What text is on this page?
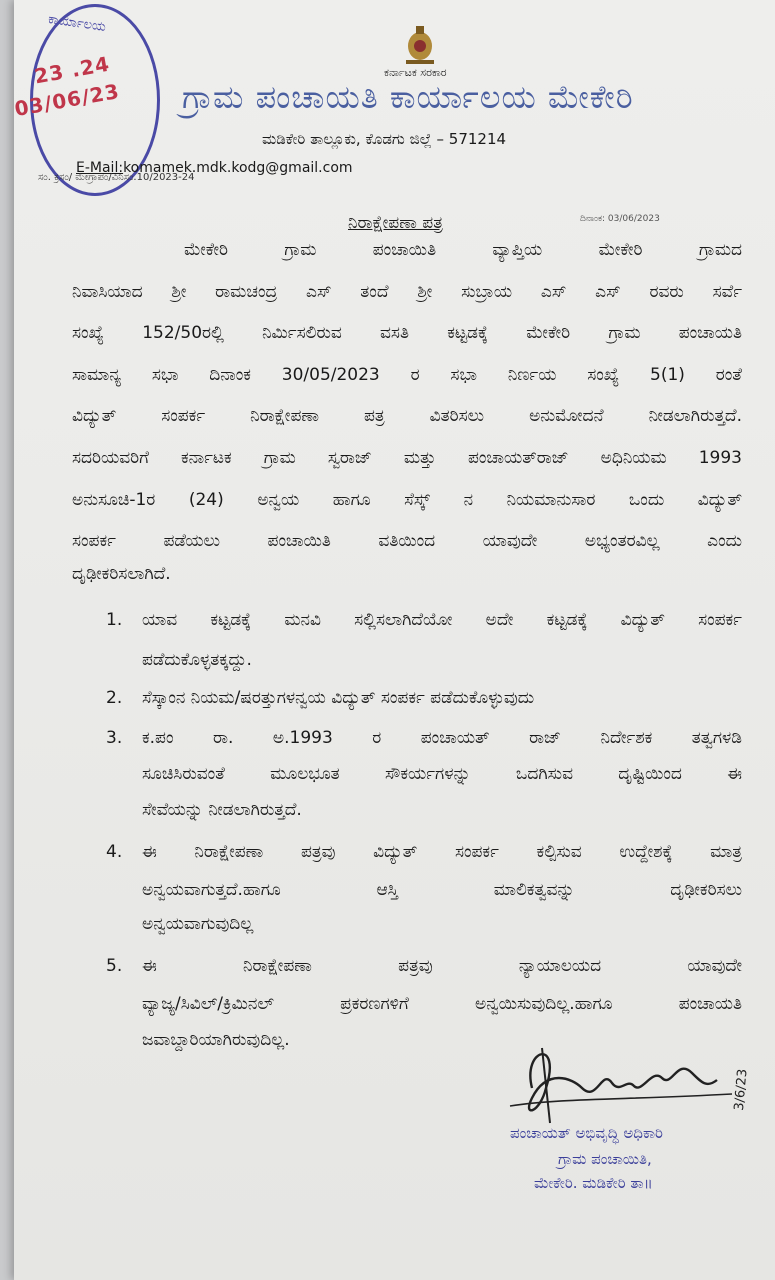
ಕಾರ್ಯಾಲಯ
23 .24
03/06/23
ಕರ್ನಾಟಕ ಸರಕಾರ
ಗ್ರಾಮ ಪಂಚಾಯತಿ ಕಾರ್ಯಾಲಯ ಮೇಕೇರಿ
ಮಡಿಕೇರಿ ತಾಲ್ಲೂಕು, ಕೊಡಗು ಜಿಲ್ಲೆ – 571214
E-Mail:komamek.mdk.kodg@gmail.com
ಸಂ. ಕ್ರಸಂ/ ಮೇಗ್ರಾಪಂ/ವಿನಿಸಂ.10/2023-24
ದಿನಾಂಕ: 03/06/2023
ನಿರಾಕ್ಷೇಪಣಾ ಪತ್ರ
ಮೇಕೇರಿ ಗ್ರಾಮ ಪಂಚಾಯಿತಿ ವ್ಯಾಪ್ತಿಯ ಮೇಕೇರಿ ಗ್ರಾಮದ
ನಿವಾಸಿಯಾದ ಶ್ರೀ ರಾಮಚಂದ್ರ ಎಸ್ ತಂದೆ ಶ್ರೀ ಸುಬ್ರಾಯ ಎಸ್ ಎಸ್ ರವರು ಸರ್ವೆ
ಸಂಖ್ಯೆ 152/50ರಲ್ಲಿ ನಿರ್ಮಿಸಲಿರುವ ವಸತಿ ಕಟ್ಟಡಕ್ಕೆ ಮೇಕೇರಿ ಗ್ರಾಮ ಪಂಚಾಯತಿ
ಸಾಮಾನ್ಯ ಸಭಾ ದಿನಾಂಕ 30/05/2023 ರ ಸಭಾ ನಿರ್ಣಯ ಸಂಖ್ಯೆ 5(1) ರಂತೆ
ವಿದ್ಯುತ್ ಸಂಪರ್ಕ ನಿರಾಕ್ಷೇಪಣಾ ಪತ್ರ ವಿತರಿಸಲು ಅನುಮೋದನೆ ನೀಡಲಾಗಿರುತ್ತದೆ.
ಸದರಿಯವರಿಗೆ ಕರ್ನಾಟಕ ಗ್ರಾಮ ಸ್ವರಾಜ್ ಮತ್ತು ಪಂಚಾಯತ್‌ರಾಜ್ ಅಧಿನಿಯಮ 1993
ಅನುಸೂಚಿ-1ರ (24) ಅನ್ವಯ ಹಾಗೂ ಸೆಸ್ಕ್ ನ ನಿಯಮಾನುಸಾರ ಒಂದು ವಿದ್ಯುತ್
ಸಂಪರ್ಕ ಪಡೆಯಲು ಪಂಚಾಯಿತಿ ವತಿಯಿಂದ ಯಾವುದೇ ಅಭ್ಯಂತರವಿಲ್ಲ ಎಂದು
ದೃಢೀಕರಿಸಲಾಗಿದೆ.
1. ಯಾವ ಕಟ್ಟಡಕ್ಕೆ ಮನವಿ ಸಲ್ಲಿಸಲಾಗಿದೆಯೋ ಅದೇ ಕಟ್ಟಡಕ್ಕೆ ವಿದ್ಯುತ್ ಸಂಪರ್ಕ
ಪಡೆದುಕೊಳ್ಳತಕ್ಕದ್ದು.
2. ಸೆಸ್ಕಾಂನ ನಿಯಮ/ಷರತ್ತುಗಳನ್ವಯ ವಿದ್ಯುತ್ ಸಂಪರ್ಕ ಪಡೆದುಕೊಳ್ಳುವುದು
3. ಕ.ಪಂ ರಾ. ಅ.1993 ರ ಪಂಚಾಯತ್ ರಾಜ್ ನಿರ್ದೇಶಕ ತತ್ವಗಳಡಿ
ಸೂಚಿಸಿರುವಂತೆ ಮೂಲಭೂತ ಸೌಕರ್ಯಗಳನ್ನು ಒದಗಿಸುವ ದೃಷ್ಟಿಯಿಂದ ಈ
ಸೇವೆಯನ್ನು ನೀಡಲಾಗಿರುತ್ತದೆ.
4. ಈ ನಿರಾಕ್ಷೇಪಣಾ ಪತ್ರವು ವಿದ್ಯುತ್ ಸಂಪರ್ಕ ಕಲ್ಪಿಸುವ ಉದ್ದೇಶಕ್ಕೆ ಮಾತ್ರ
ಅನ್ವಯವಾಗುತ್ತದೆ.ಹಾಗೂ ಆಸ್ತಿ ಮಾಲಿಕತ್ವವನ್ನು ದೃಢೀಕರಿಸಲು
ಅನ್ವಯವಾಗುವುದಿಲ್ಲ
5. ಈ ನಿರಾಕ್ಷೇಪಣಾ ಪತ್ರವು ನ್ಯಾಯಾಲಯದ ಯಾವುದೇ
ವ್ಯಾಜ್ಯ/ಸಿವಿಲ್/ಕ್ರಿಮಿನಲ್ ಪ್ರಕರಣಗಳಿಗೆ ಅನ್ವಯಿಸುವುದಿಲ್ಲ.ಹಾಗೂ ಪಂಚಾಯತಿ
ಜವಾಬ್ದಾರಿಯಾಗಿರುವುದಿಲ್ಲ.
3/6/23
ಪಂಚಾಯತ್ ಅಭಿವೃದ್ಧಿ ಅಧಿಕಾರಿ
ಗ್ರಾಮ ಪಂಚಾಯಿತಿ,
ಮೇಕೇರಿ. ಮಡಿಕೇರಿ ತಾ॥
